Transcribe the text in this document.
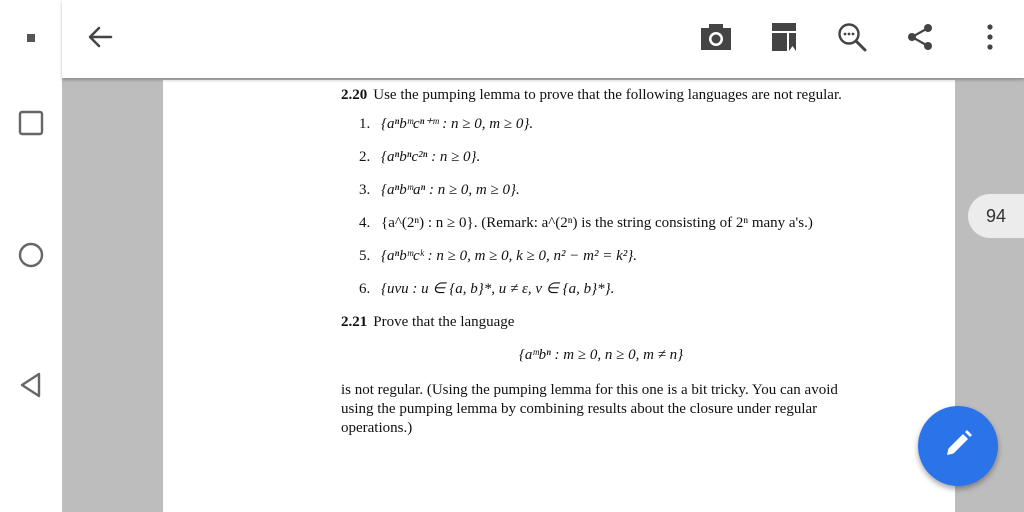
2.20 Use the pumping lemma to prove that the following languages are not regular.

1. {aⁿbᵐcⁿ⁺ᵐ : n ≥ 0, m ≥ 0}.
2. {aⁿbⁿc²ⁿ : n ≥ 0}.
3. {aⁿbᵐaⁿ : n ≥ 0, m ≥ 0}.
4. {a^(2ⁿ) : n ≥ 0}. (Remark: a^(2ⁿ) is the string consisting of 2ⁿ many a's.)
5. {aⁿbᵐcᵏ : n ≥ 0, m ≥ 0, k ≥ 0, n² − m² = k²}.
6. {uvu : u ∈ {a, b}*, u ≠ ε, v ∈ {a, b}*}.

2.21 Prove that the language

{aᵐbⁿ : m ≥ 0, n ≥ 0, m ≠ n}

is not regular. (Using the pumping lemma for this one is a bit tricky. You can avoid using the pumping lemma by combining results about the closure under regular operations.)

94
